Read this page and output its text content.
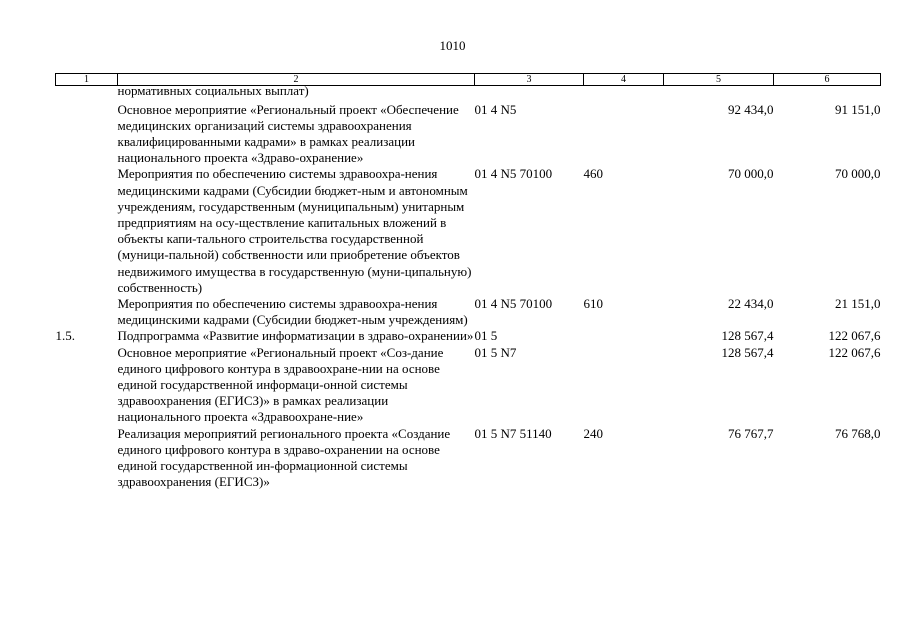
1010
1	2	3	4	5	6

	нормативных социальных выплат)				

	Основное мероприятие «Региональный проект «Обеспечение медицинских организаций системы здравоохранения квалифицированными кадрами» в рамках реализации национального проекта «Здраво-охранение»	01 4 N5		92 434,0	91 151,0

	Мероприятия по обеспечению системы здравоохра-нения медицинскими кадрами (Субсидии бюджет-ным и автономным учреждениям, государственным (муниципальным) унитарным предприятиям на осу-ществление капитальных вложений в объекты капи-тального строительства государственной (муници-пальной) собственности или приобретение объектов недвижимого имущества в государственную (муни-ципальную) собственность)	01 4 N5 70100	460	70 000,0	70 000,0

	Мероприятия по обеспечению системы здравоохра-нения медицинскими кадрами (Субсидии бюджет-ным учреждениям)	01 4 N5 70100	610	22 434,0	21 151,0
1.5.	Подпрограмма «Развитие информатизации в здраво-охранении»	01 5		128 567,4	122 067,6

	Основное мероприятие «Региональный проект «Соз-дание единого цифрового контура в здравоохране-нии на основе единой государственной информаци-онной системы здравоохранения (ЕГИСЗ)» в рамках реализации национального проекта «Здравоохране-ние»	01 5 N7		128 567,4	122 067,6

	Реализация мероприятий регионального проекта «Создание единого цифрового контура в здраво-охранении на основе единой государственной ин-формационной системы здравоохранения (ЕГИСЗ)»	01 5 N7 51140	240	76 767,7	76 768,0
